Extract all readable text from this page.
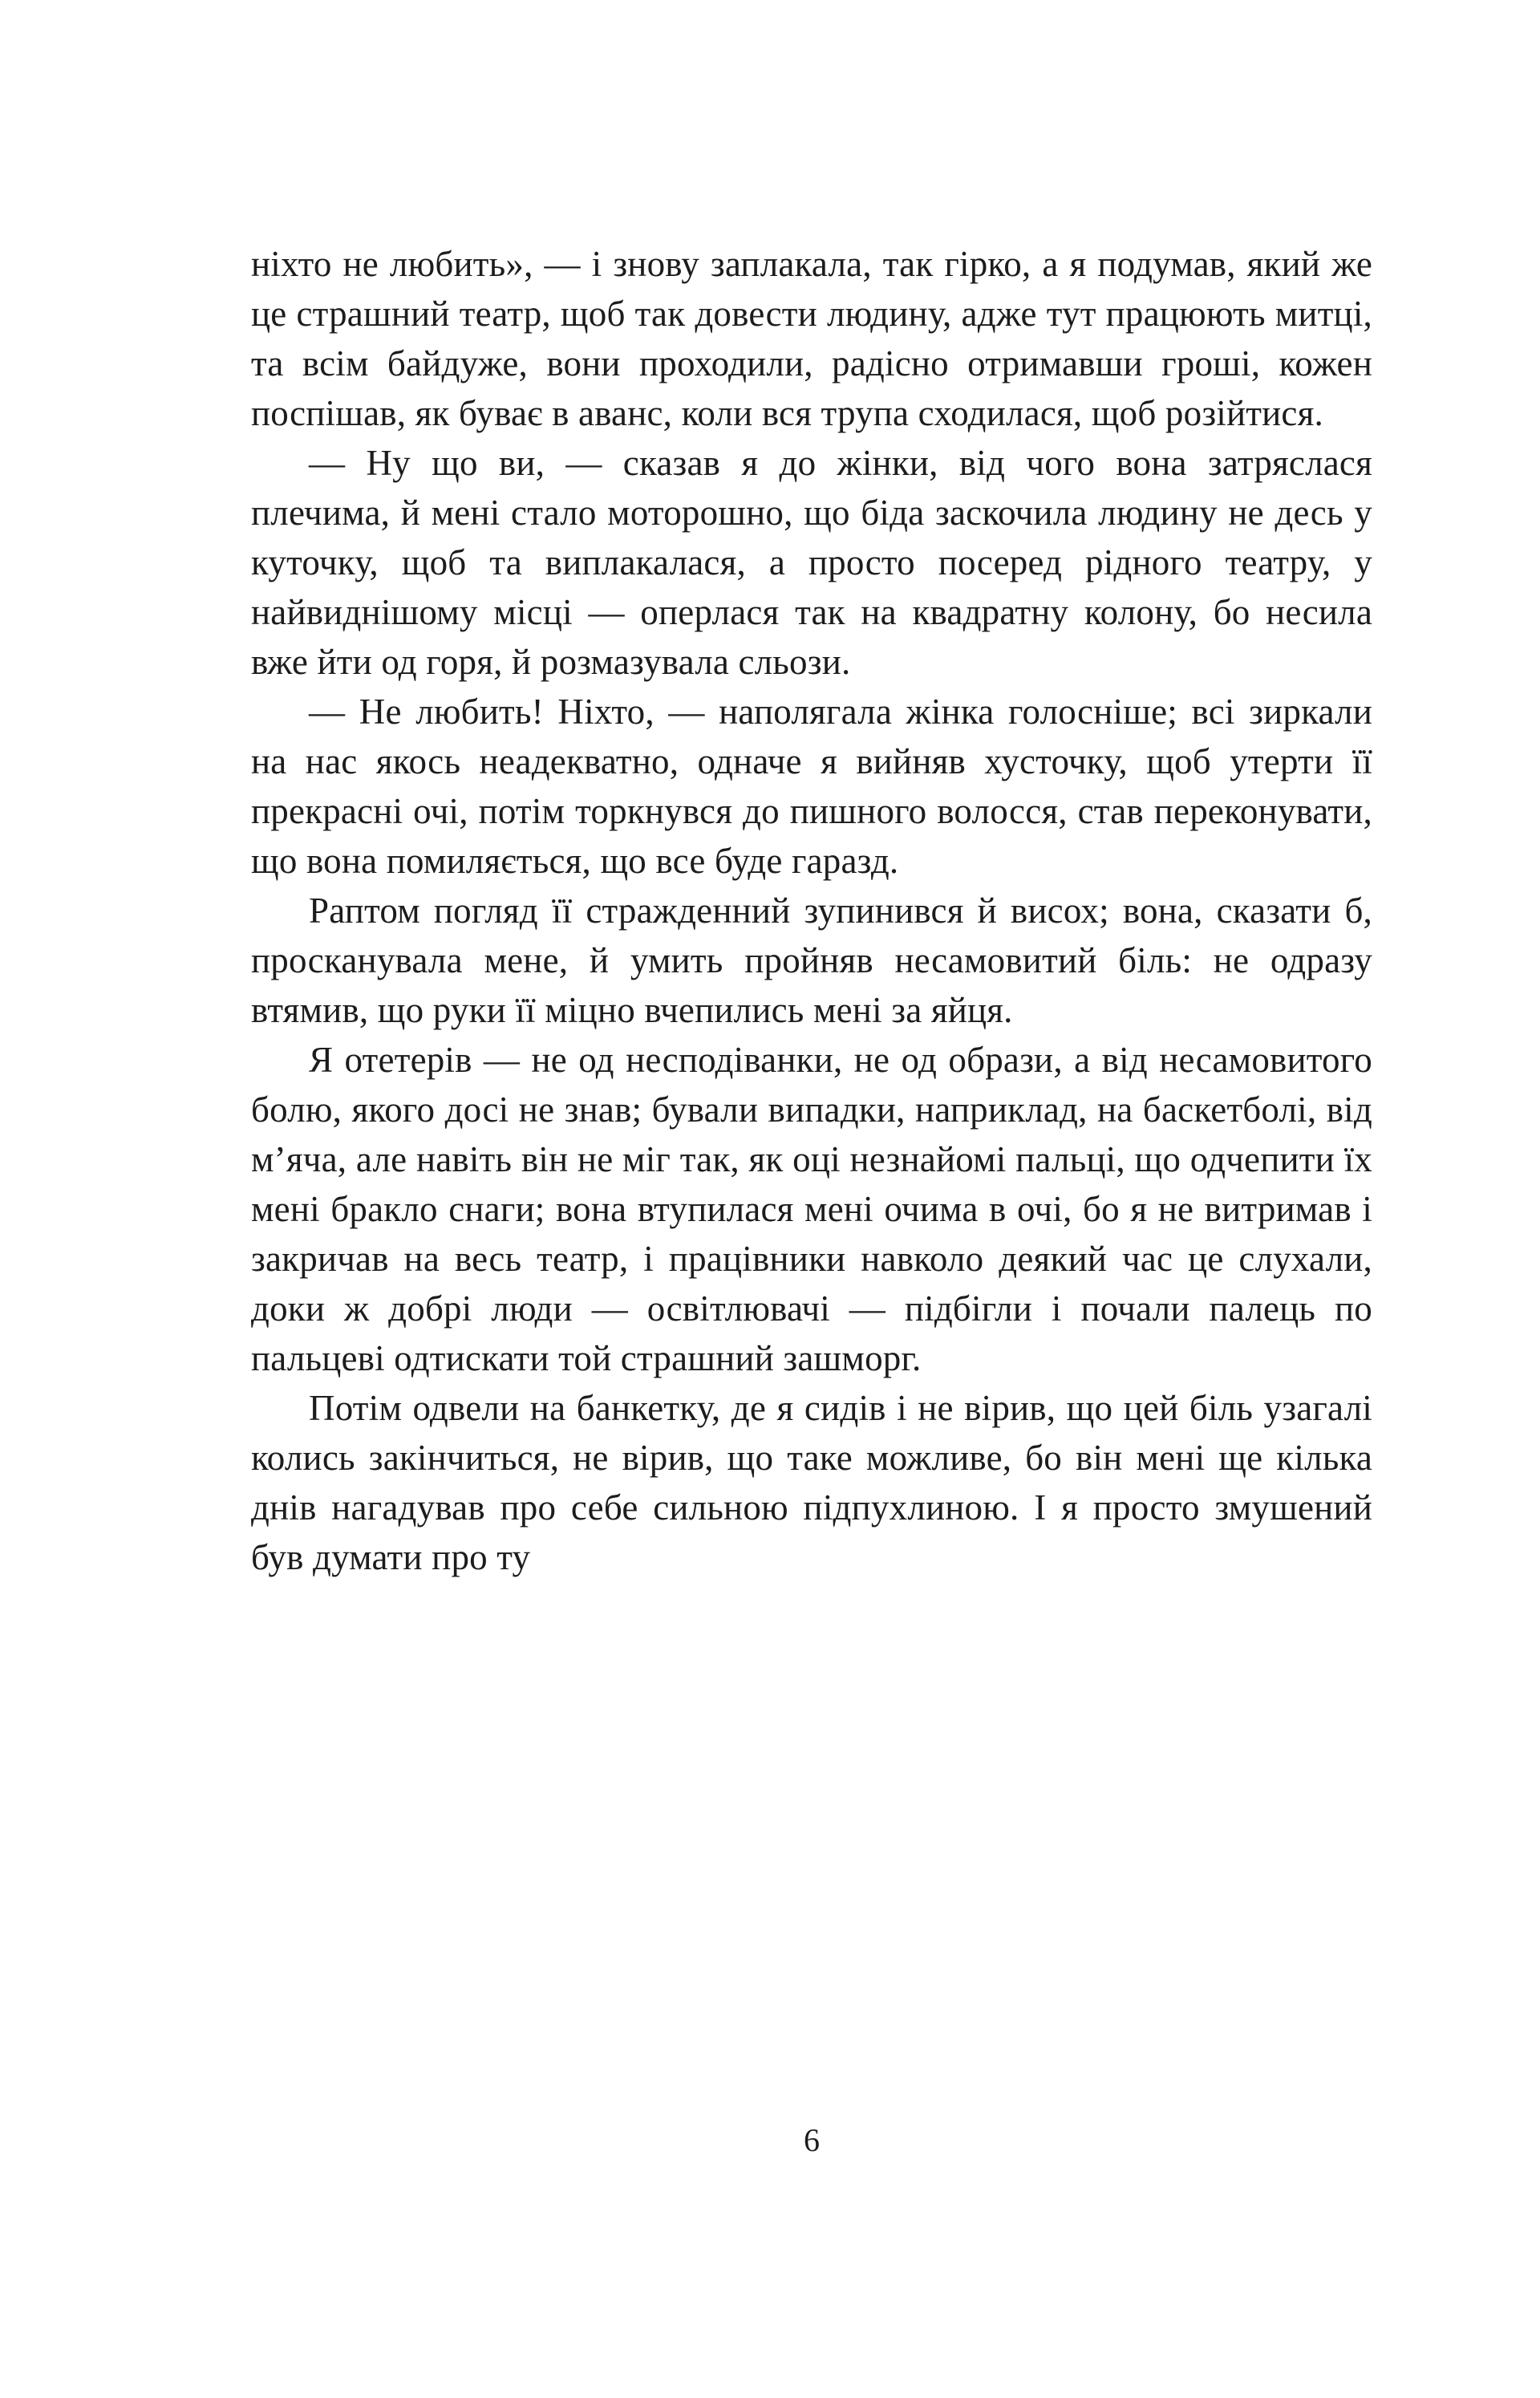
ніхто не любить», — і знову заплакала, так гірко, а я подумав, який же це страшний театр, щоб так довести людину, адже тут працюють митці, та всім байдуже, вони проходили, радісно отримавши гроші, кожен поспішав, як буває в аванс, коли вся трупа сходилася, щоб розійтися.

— Ну що ви, — сказав я до жінки, від чого вона затряслася плечима, й мені стало моторошно, що біда заскочила людину не десь у куточку, щоб та виплакалася, а просто посеред рідного театру, у найвиднішому місці — оперлася так на квадратну колону, бо несила вже йти од горя, й розмазувала сльози.

— Не любить! Ніхто, — наполягала жінка голосніше; всі зиркали на нас якось неадекватно, одначе я вийняв хусточку, щоб утерти її прекрасні очі, потім торкнувся до пишного волосся, став переконувати, що вона помиляється, що все буде гаразд.

Раптом погляд її стражденний зупинився й висох; вона, сказати б, просканувала мене, й умить пройняв несамовитий біль: не одразу втямив, що руки її міцно вчепились мені за яйця.

Я отетерів — не од несподіванки, не од образи, а від несамовитого болю, якого досі не знав; бували випадки, наприклад, на баскетболі, від м’яча, але навіть він не міг так, як оці незнайомі пальці, що одчепити їх мені бракло снаги; вона втупилася мені очима в очі, бо я не витримав і закричав на весь театр, і працівники навколо деякий час це слухали, доки ж добрі люди — освітлювачі — підбігли і почали палець по пальцеві одтискати той страшний зашморг.

Потім одвели на банкетку, де я сидів і не вірив, що цей біль узагалі колись закінчиться, не вірив, що таке можливе, бо він мені ще кілька днів нагадував про себе сильною підпухлиною. І я просто змушений був думати про ту

6
